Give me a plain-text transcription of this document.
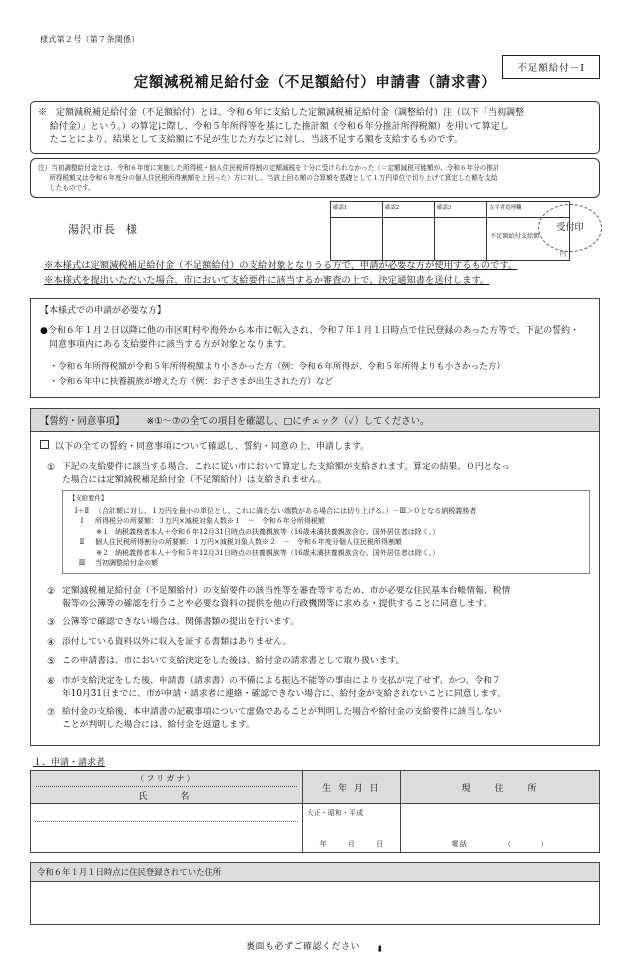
様式第２号（第７条関係）
不足額給付－Ⅰ
定額減税補足給付金（不足額給付）申請書（請求書）
※　定額減税補足給付金（不足額給付）とは、令和６年に支給した定額減税補足給付金（調整給付）注（以下「当初調整
給付金）」という。）の算定に際し、令和５年所得等を基にした推計額（令和６年分推計所得税額）を用いて算定し
たことにより、結果として支給額に不足が生じた方などに対し、当該不足する額を支給するものです。
注）当初調整給付金とは、令和６年度に実施した所得税・個人住民税所得割の定額減税を十分に受けられなかった（＝定額減税可能額が、令和６年分の推計
所得税額又は令和６年度分の個人住民税所得割額を上回った）方に対し、当該上回る額の合算額を基礎として１万円単位で切り上げて算定した額を支給
したものです。
湯沢市長 様
確認1	確認2	確認3	支平者処理欄

			不足額給付支給額
円
受付印
※本様式は定額減税補足給付金（不足額給付）の支給対象となりうる方で、申請が必要な方が使用するものです。
※本様式を提出いただいた場合、市において支給要件に該当するか審査の上で、決定通知書を送付します。
【本様式での申請が必要な方】
●令和６年１月２日以降に他の市区町村や海外から本市に転入され、令和７年１月１日時点で住民登録のあった方等で、下記の誓約・
同意事項内にある支給要件に該当する方が対象となります。
・令和６年所得税額が令和５年所得税額より小さかった方（例：令和６年所得が、令和５年所得よりも小さかった方）
・令和６年中に扶養親族が増えた方（例：お子さまが出生された方）など
【誓約・同意事項】 ※①～⑦の全ての項目を確認し、□にチェック（✓）してください。
以下の全ての誓約・同意事項について確認し、誓約・同意の上、申請します。
① 下記の支給要件に該当する場合、これに従い市において算定した支給額が支給されます。算定の結果、０円となっ
た場合には定額減税補足給付金（不足額給付）は支給されません。
【支給要件】
Ⅰ＋Ⅱ （合計額に対し、１万円を最小の単位とし、これに満たない端数がある場合には切り上げる。）－Ⅲ＞０となる納税義務者
Ⅰ	所得税分の所要額：３万円×減税対象人数※１　－　令和６年分所得税額
※１ 納税義務者本人＋令和６年12月31日時点の扶養親族等（16歳未満扶養親族含む。国外居住者は除く。）
Ⅱ	個人住民税所得割分の所要額：１万円×減税対象人数※２　－　令和６年度分個人住民税所得割額
※２ 納税義務者本人＋令和５年12月31日時点の扶養親族等（16歳未満扶養親族含む。国外居住者は除く。）
Ⅲ	当初調整給付金の額
② 定額減税補足給付金（不足額給付）の支給要件の該当性等を審査等するため、市が必要な住民基本台帳情報、税情
報等の公簿等の確認を行うことや必要な資料の提供を他の行政機関等に求める・提供することに同意します。
③ 公簿等で確認できない場合は、関係書類の提出を行います。
④ 添付している資料以外に収入を証する書類はありません。
⑤ この申請書は、市において支給決定をした後は、給付金の請求書として取り扱います。
⑥ 市が支給決定をした後、申請書（請求書）の不備による振込不能等の事由により支払が完了せず、かつ、令和７
年10月31日までに、市が申請・請求者に連絡・確認できない場合に、給付金が支給されないことに同意します。
⑦ 給付金の支給後、本申請書の記載事項について虚偽であることが判明した場合や給付金の支給要件に該当しない
ことが判明した場合には、給付金を返還します。
１．申請・請求者
（フリガナ）
氏　　名	生 年 月 日	現　　住　　所

	大正・昭和・平成
年 月 日	電話 （ ）
令和６年１月１日時点に住民登録されていた住所

裏面も必ずご確認ください ⬇
